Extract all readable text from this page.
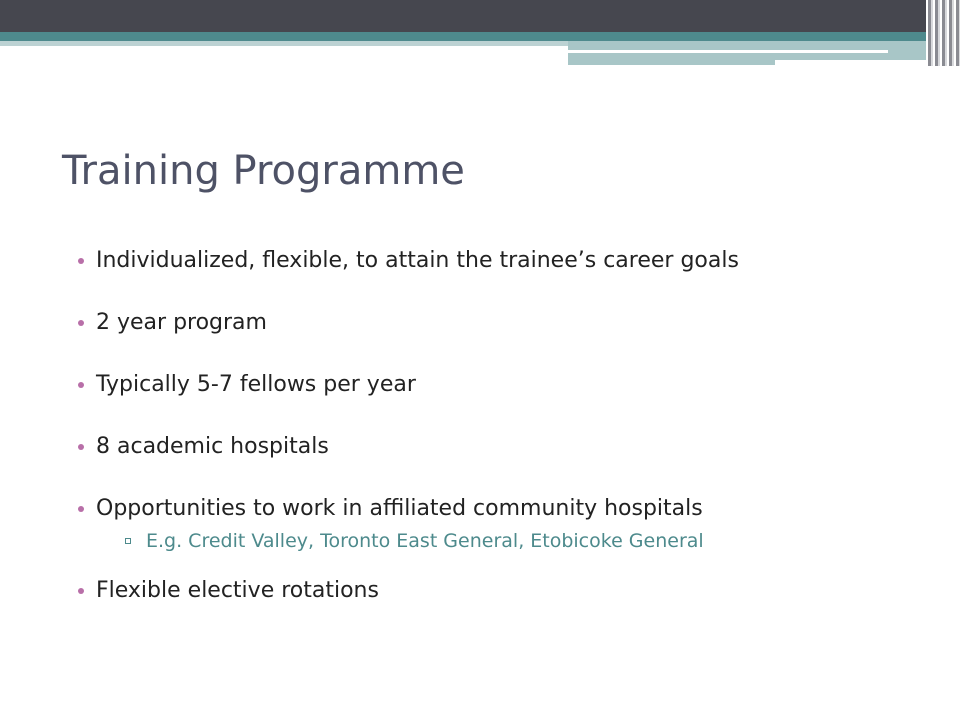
Training Programme
Individualized, flexible, to attain the trainee’s career goals
2 year program
Typically 5-7 fellows per year
8 academic hospitals
Opportunities to work in affiliated community hospitals
E.g. Credit Valley, Toronto East General, Etobicoke General
Flexible elective rotations
